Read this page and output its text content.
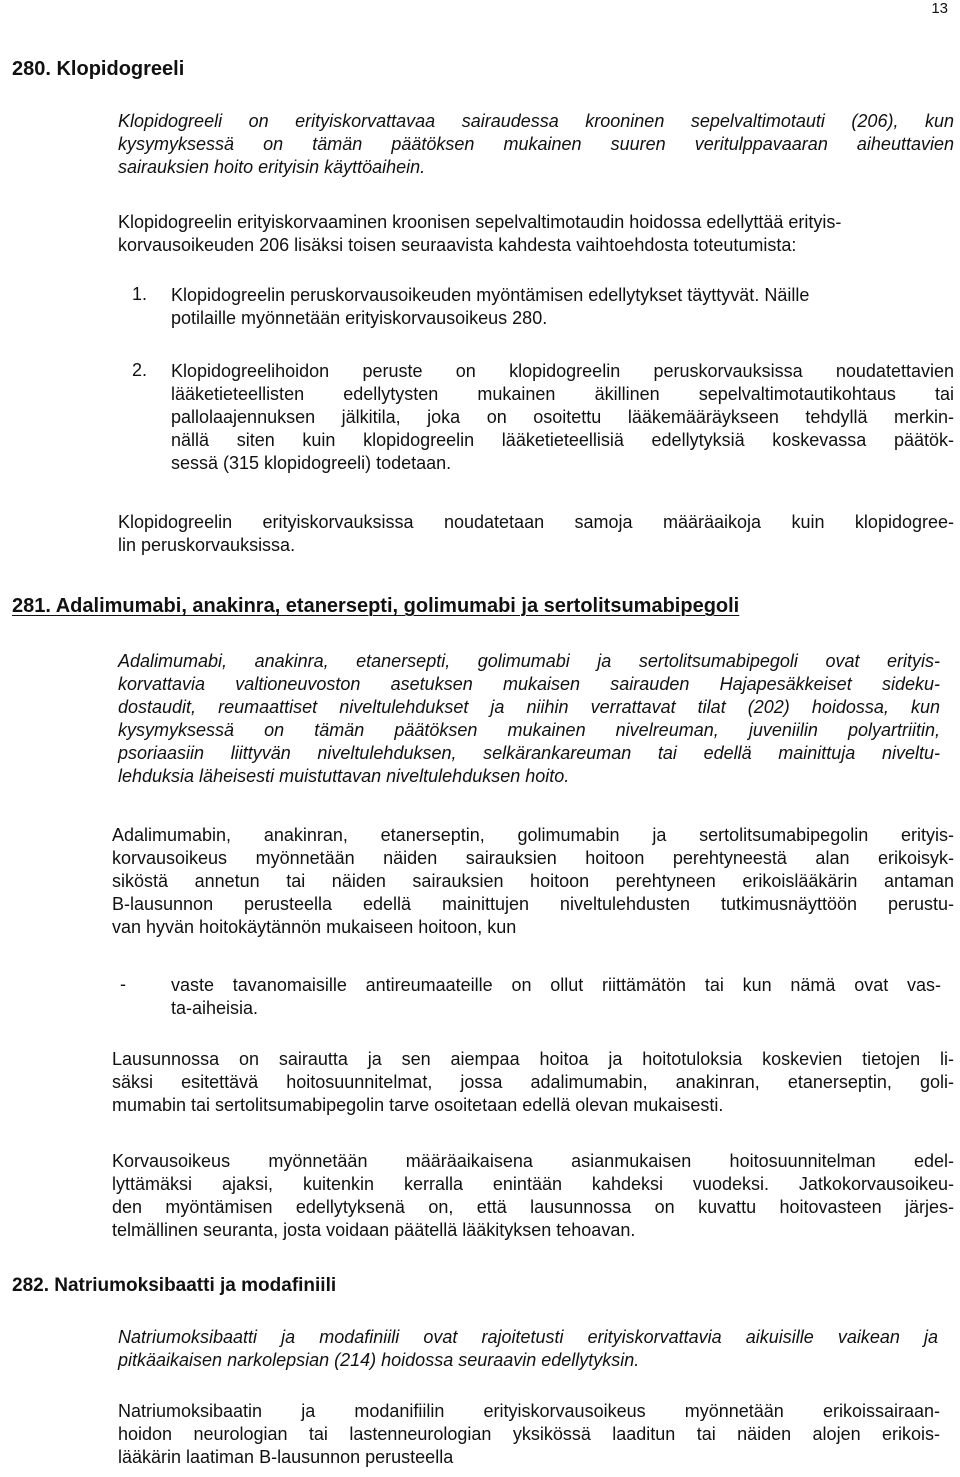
13
280. Klopidogreeli
Klopidogreeli on erityiskorvattavaa sairaudessa krooninen sepelvaltimotauti (206), kun
kysymyksessä on tämän päätöksen mukainen suuren veritulppavaaran aiheuttavien
sairauksien hoito erityisin käyttöaihein.
Klopidogreelin erityiskorvaaminen kroonisen sepelvaltimotaudin hoidossa edellyttää erityis-
korvausoikeuden 206 lisäksi toisen seuraavista kahdesta vaihtoehdosta toteutumista:
1. Klopidogreelin peruskorvausoikeuden myöntämisen edellytykset täyttyvät. Näille
potilaille myönnetään erityiskorvausoikeus 280.
2. Klopidogreelihoidon peruste on klopidogreelin peruskorvauksissa noudatettavien
lääketieteellisten edellytysten mukainen äkillinen sepelvaltimotautikohtaus tai
pallolaajennuksen jälkitila, joka on osoitettu lääkemääräykseen tehdyllä merkin-
nällä siten kuin klopidogreelin lääketieteellisiä edellytyksiä koskevassa päätök-
sessä (315 klopidogreeli) todetaan.
Klopidogreelin erityiskorvauksissa noudatetaan samoja määräaikoja kuin klopidogree-
lin peruskorvauksissa.
281. Adalimumabi, anakinra, etanersepti, golimumabi ja sertolitsumabipegoli
Adalimumabi, anakinra, etanersepti, golimumabi ja sertolitsumabipegoli ovat erityis-
korvattavia valtioneuvoston asetuksen mukaisen sairauden Hajapesäkkeiset sideku-
dostaudit, reumaattiset niveltulehdukset ja niihin verrattavat tilat (202) hoidossa, kun
kysymyksessä on tämän päätöksen mukainen nivelreuman, juveniilin polyartriitin,
psoriaasiin liittyvän niveltulehduksen, selkärankareuman tai edellä mainittuja niveltu-
lehduksia läheisesti muistuttavan niveltulehduksen hoito.
Adalimumabin, anakinran, etanerseptin, golimumabin ja sertolitsumabipegolin erityis-
korvausoikeus myönnetään näiden sairauksien hoitoon perehtyneestä alan erikoisyk-
siköstä annetun tai näiden sairauksien hoitoon perehtyneen erikoislääkärin antaman
B-lausunnon perusteella edellä mainittujen niveltulehdusten tutkimusnäyttöön perustu-
van hyvän hoitokäytännön mukaiseen hoitoon, kun
-	vaste tavanomaisille antireumaateille on ollut riittämätön tai kun nämä ovat vas-
ta-aiheisia.
Lausunnossa on sairautta ja sen aiempaa hoitoa ja hoitotuloksia koskevien tietojen li-
säksi esitettävä hoitosuunnitelmat, jossa adalimumabin, anakinran, etanerseptin, goli-
mumabin tai sertolitsumabipegolin tarve osoitetaan edellä olevan mukaisesti.
Korvausoikeus myönnetään määräaikaisena asianmukaisen hoitosuunnitelman edel-
lyttämäksi ajaksi, kuitenkin kerralla enintään kahdeksi vuodeksi. Jatkokorvausoikeu-
den myöntämisen edellytyksenä on, että lausunnossa on kuvattu hoitovasteen järjes-
telmällinen seuranta, josta voidaan päätellä lääkityksen tehoavan.
282. Natriumoksibaatti ja modafiniili
Natriumoksibaatti ja modafiniili ovat rajoitetusti erityiskorvattavia aikuisille vaikean ja
pitkäaikaisen narkolepsian (214) hoidossa seuraavin edellytyksin.
Natriumoksibaatin ja modanifiilin erityiskorvausoikeus myönnetään erikoissairaan-
hoidon neurologian tai lastenneurologian yksikössä laaditun tai näiden alojen erikois-
lääkärin laatiman B-lausunnon perusteella
